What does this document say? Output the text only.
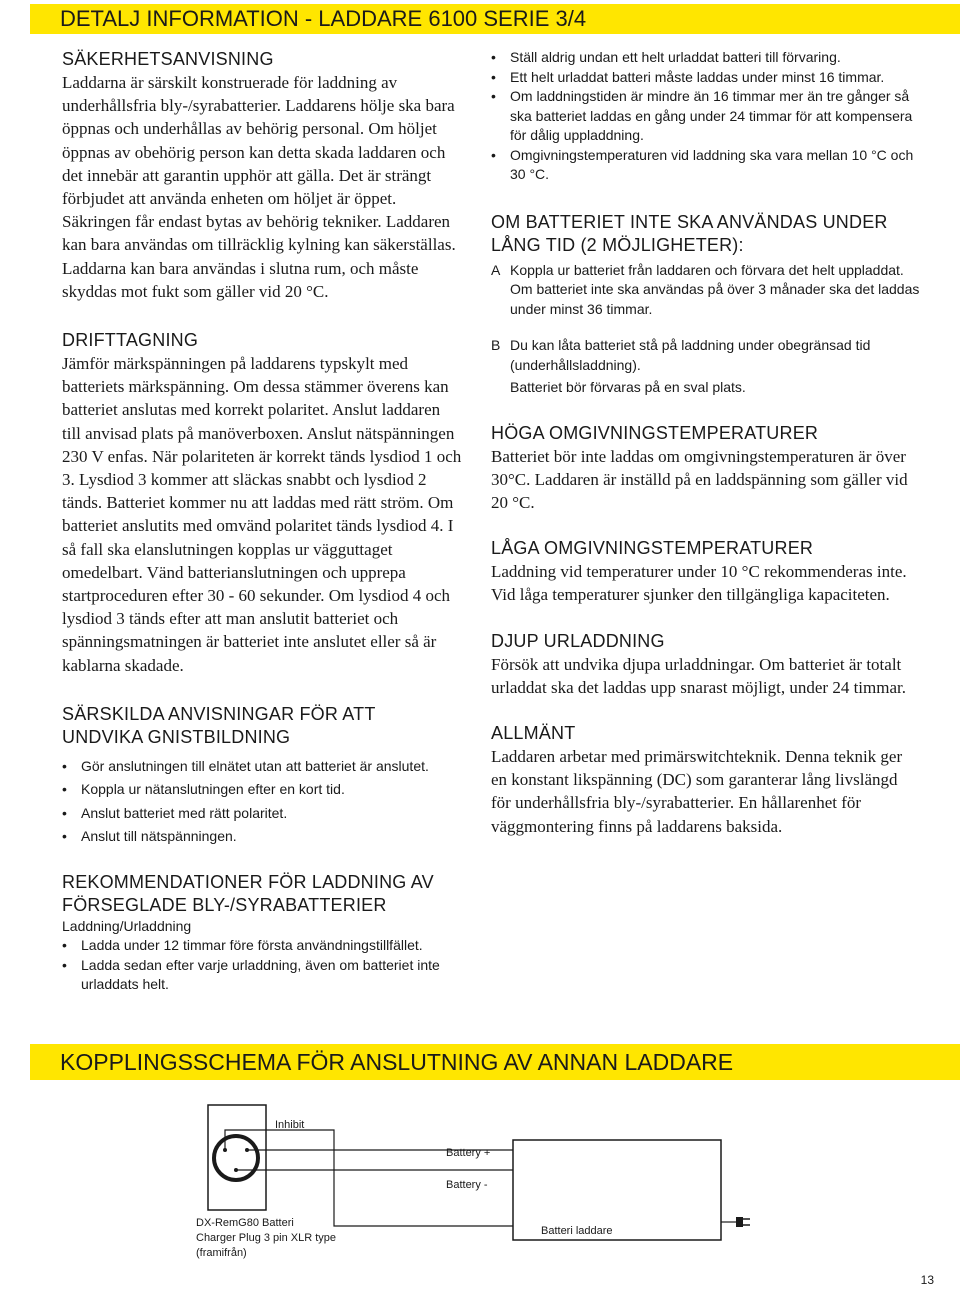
DETALJ INFORMATION - LADDARE 6100 SERIE 3/4
SÄKERHETSANVISNING

Laddarna är särskilt konstruerade för laddning av underhållsfria bly-/syrabatterier. Laddarens hölje ska bara öppnas och underhållas av behörig personal. Om höljet öppnas av obehörig person kan detta skada laddaren och det innebär att garantin upphör att gälla. Det är strängt förbjudet att använda enheten om höljet är öppet. Säkringen får endast bytas av behörig tekniker. Laddaren kan bara användas om tillräcklig kylning kan säkerställas. Laddarna kan bara användas i slutna rum, och måste skyddas mot fukt som gäller vid 20 °C.

DRIFTTAGNING

Jämför märkspänningen på laddarens typskylt med batteriets märkspänning. Om dessa stämmer överens kan batteriet anslutas med korrekt polaritet. Anslut laddaren till anvisad plats på manöverboxen. Anslut nätspänningen 230 V enfas. När polariteten är korrekt tänds lysdiod 1 och 3. Lysdiod 3 kommer att släckas snabbt och lysdiod 2 tänds. Batteriet kommer nu att laddas med rätt ström. Om batteriet anslutits med omvänd polaritet tänds lysdiod 4. I så fall ska elanslutningen kopplas ur vägguttaget omedelbart. Vänd batterianslutningen och upprepa startproceduren efter 30 - 60 sekunder. Om lysdiod 4 och lysdiod 3 tänds efter att man anslutit batteriet och spänningsmatningen är batteriet inte anslutet eller så är kablarna skadade.

SÄRSKILDA ANVISNINGAR FÖR ATT
UNDVIKA GNISTBILDNING
• Gör anslutningen till elnätet utan att batteriet är anslutet.
• Koppla ur nätanslutningen efter en kort tid.
• Anslut batteriet med rätt polaritet.
• Anslut till nätspänningen.
REKOMMENDATIONER FÖR LADDNING AV
FÖRSEGLADE BLY-/SYRABATTERIER

Laddning/Urladdning

• Ladda under 12 timmar före första användningstillfället.
• Ladda sedan efter varje urladdning, även om batteriet inte urladdats helt.
• Ställ aldrig undan ett helt urladdat batteri till förvaring.
• Ett helt urladdat batteri måste laddas under minst 16 timmar.
• Om laddningstiden är mindre än 16 timmar mer än tre gånger så ska batteriet laddas en gång under 24 timmar för att kompensera för dålig uppladdning.
• Omgivningstemperaturen vid laddning ska vara mellan 10 °C och 30 °C.
OM BATTERIET INTE SKA ANVÄNDAS UNDER
LÅNG TID (2 MÖJLIGHETER):
A Koppla ur batteriet från laddaren och förvara det helt uppladdat.
Om batteriet inte ska användas på över 3 månader ska det laddas under minst 36 timmar.
B Du kan låta batteriet stå på laddning under obegränsad tid (underhållsladdning).
Batteriet bör förvaras på en sval plats.
HÖGA OMGIVNINGSTEMPERATURER

Batteriet bör inte laddas om omgivningstemperaturen är över 30°C. Laddaren är inställd på en laddspänning som gäller vid 20 °C.

LÅGA OMGIVNINGSTEMPERATURER

Laddning vid temperaturer under 10 °C rekommenderas inte. Vid låga temperaturer sjunker den tillgängliga kapaciteten.

DJUP URLADDNING

Försök att undvika djupa urladdningar. Om batteriet är totalt urladdat ska det laddas upp snarast möjligt, under 24 timmar.

ALLMÄNT

Laddaren arbetar med primärswitchteknik. Denna teknik ger en konstant likspänning (DC) som garanterar lång livslängd för underhållsfria bly-/syrabatterier. En hållarenhet för väggmontering finns på laddarens baksida.

KOPPLINGSSCHEMA FÖR ANSLUTNING AV ANNAN LADDARE
Inhibit
Battery +
Battery -
DX-RemG80 Batteri
Charger Plug 3 pin XLR type
(framifrån)
Batteri laddare
13
